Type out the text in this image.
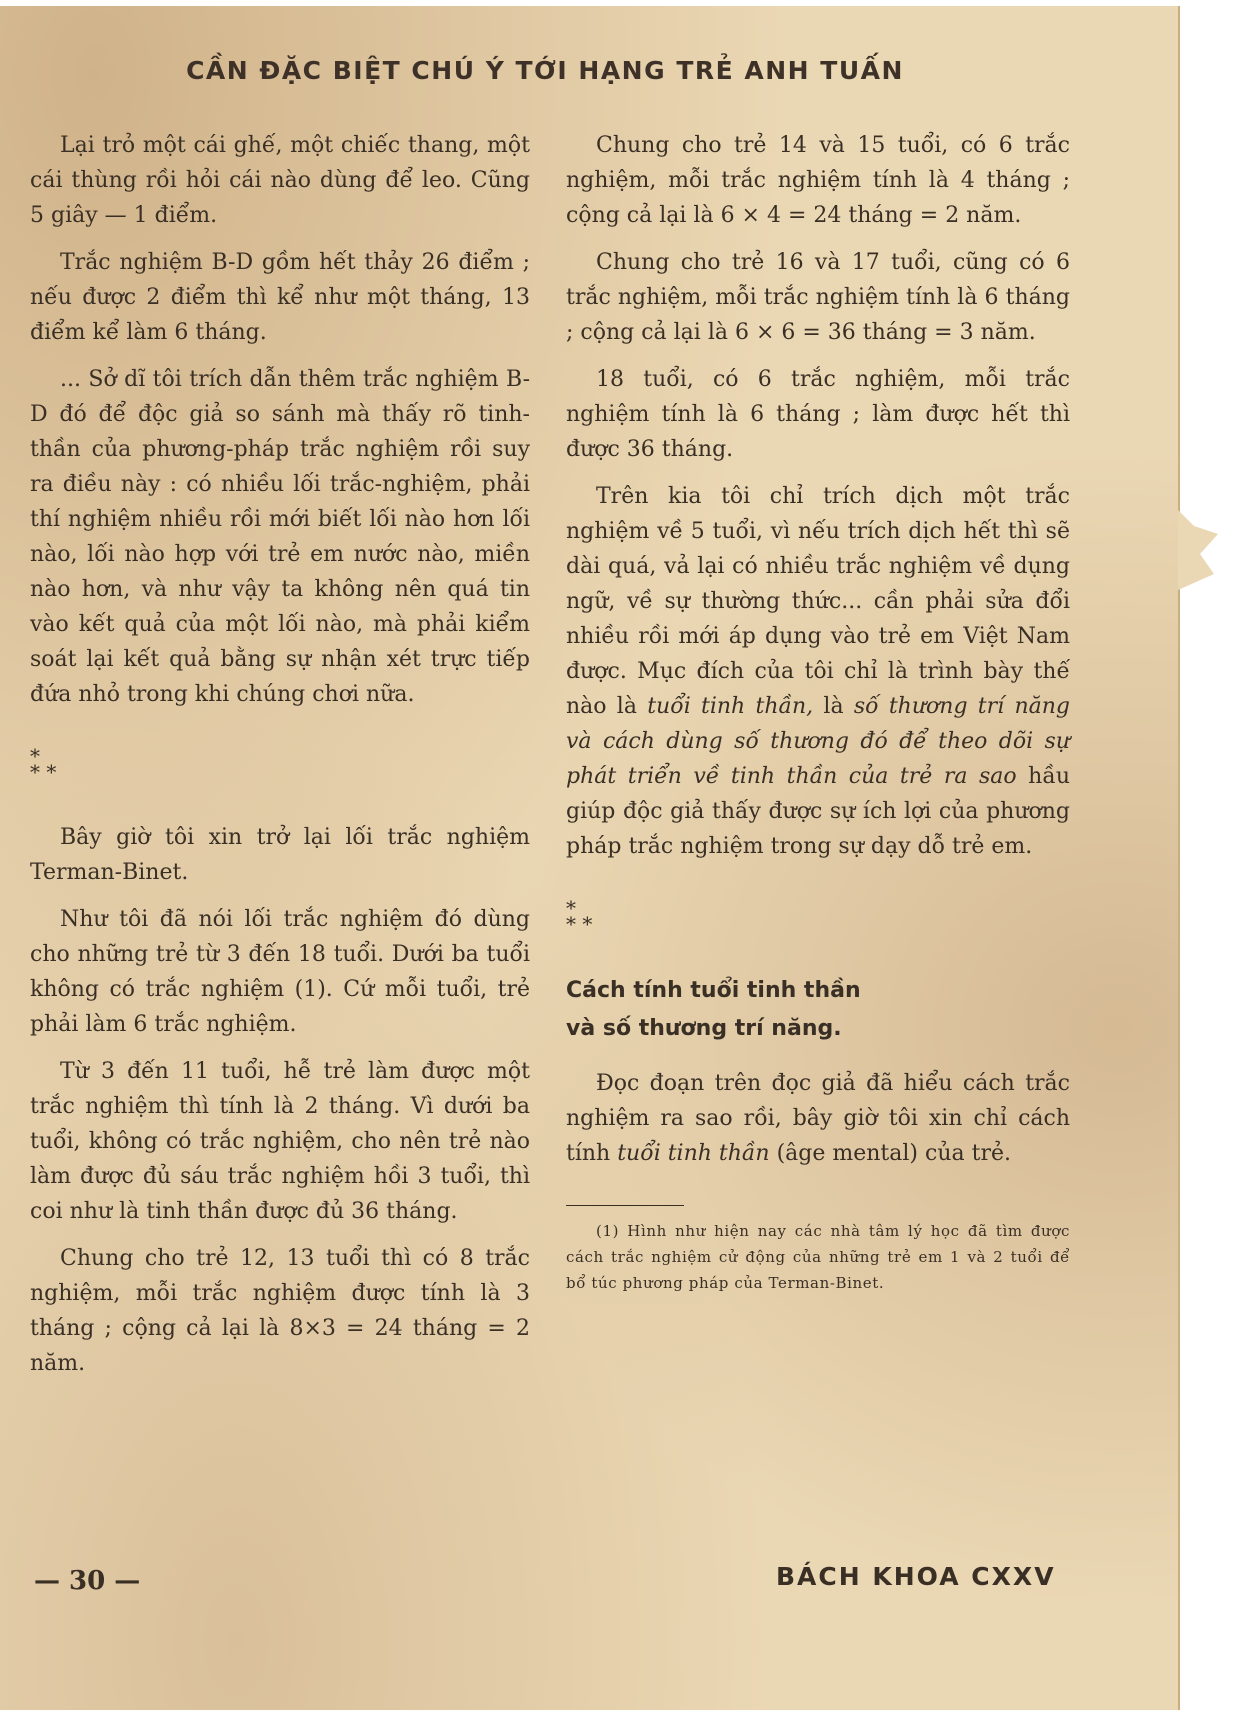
CẦN ĐẶC BIỆT CHÚ Ý TỚI HẠNG TRẺ ANH TUẤN

Lại trỏ một cái ghế, một chiếc thang, một cái thùng rồi hỏi cái nào dùng để leo. Cũng 5 giây — 1 điểm.

Trắc nghiệm B-D gồm hết thảy 26 điểm ; nếu được 2 điểm thì kể như một tháng, 13 điểm kể làm 6 tháng.

... Sở dĩ tôi trích dẫn thêm trắc nghiệm B-D đó để độc giả so sánh mà thấy rõ tinh-thần của phương-pháp trắc nghiệm rồi suy ra điều này : có nhiều lối trắc-nghiệm, phải thí nghiệm nhiều rồi mới biết lối nào hơn lối nào, lối nào hợp với trẻ em nước nào, miền nào hơn, và như vậy ta không nên quá tin vào kết quả của một lối nào, mà phải kiểm soát lại kết quả bằng sự nhận xét trực tiếp đứa nhỏ trong khi chúng chơi nữa.

*
* *

Bây giờ tôi xin trở lại lối trắc nghiệm Terman-Binet.

Như tôi đã nói lối trắc nghiệm đó dùng cho những trẻ từ 3 đến 18 tuổi. Dưới ba tuổi không có trắc nghiệm (1). Cứ mỗi tuổi, trẻ phải làm 6 trắc nghiệm.

Từ 3 đến 11 tuổi, hễ trẻ làm được một trắc nghiệm thì tính là 2 tháng. Vì dưới ba tuổi, không có trắc nghiệm, cho nên trẻ nào làm được đủ sáu trắc nghiệm hồi 3 tuổi, thì coi như là tinh thần được đủ 36 tháng.

Chung cho trẻ 12, 13 tuổi thì có 8 trắc nghiệm, mỗi trắc nghiệm được tính là 3 tháng ; cộng cả lại là 8×3 = 24 tháng = 2 năm.

Chung cho trẻ 14 và 15 tuổi, có 6 trắc nghiệm, mỗi trắc nghiệm tính là 4 tháng ; cộng cả lại là 6 × 4 = 24 tháng = 2 năm.

Chung cho trẻ 16 và 17 tuổi, cũng có 6 trắc nghiệm, mỗi trắc nghiệm tính là 6 tháng ; cộng cả lại là 6 × 6 = 36 tháng = 3 năm.

18 tuổi, có 6 trắc nghiệm, mỗi trắc nghiệm tính là 6 tháng ; làm được hết thì được 36 tháng.

Trên kia tôi chỉ trích dịch một trắc nghiệm về 5 tuổi, vì nếu trích dịch hết thì sẽ dài quá, vả lại có nhiều trắc nghiệm về dụng ngữ, về sự thường thức... cần phải sửa đổi nhiều rồi mới áp dụng vào trẻ em Việt Nam được. Mục đích của tôi chỉ là trình bày thế nào là tuổi tinh thần, là số thương trí năng và cách dùng số thương đó để theo dõi sự phát triển về tinh thần của trẻ ra sao hầu giúp độc giả thấy được sự ích lợi của phương pháp trắc nghiệm trong sự dạy dỗ trẻ em.

*
* *
Cách tính tuổi tinh thần
và số thương trí năng.

Đọc đoạn trên đọc giả đã hiểu cách trắc nghiệm ra sao rồi, bây giờ tôi xin chỉ cách tính tuổi tinh thần (âge mental) của trẻ.

(1) Hình như hiện nay các nhà tâm lý học đã tìm được cách trắc nghiệm cử động của những trẻ em 1 và 2 tuổi để bổ túc phương pháp của Terman-Binet.

— 30 —	BÁCH KHOA CXXV
